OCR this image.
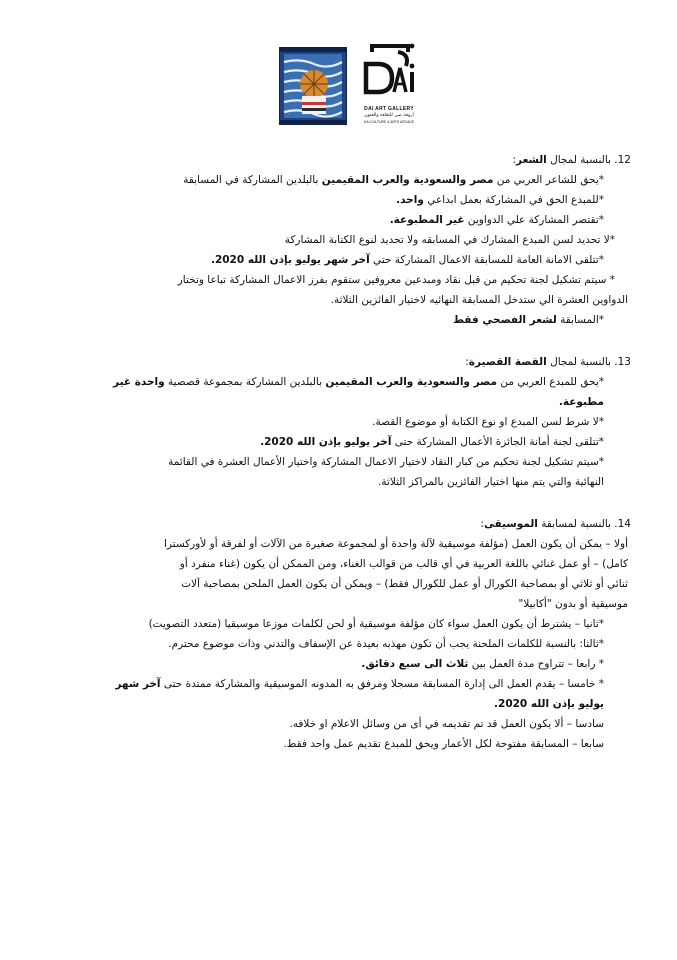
DAI ART GALLERY
أروقة ضي للثقافة والفنون
DAI CULTURE & ARTS ARCADE

12. بالنسبة لمجال الشعر:

*يحق للشاعر العربي من مصر والسعودية والعرب المقيمين بالبلدين المشاركة في المسابقة

*للمبدع الحق في المشاركة بعمل ابداعي واحد.

*تقتصر المشاركة علي الدواوين غير المطبوعة.

*لا تحديد لسن المبدع المشارك في المسابقه ولا تحديد لنوع الكتابة المشاركة

*تتلقى الامانة العامة للمسابقة الاعمال المشاركة حتي آخر شهر يوليو بإذن الله 2020.

* سيتم تشكيل لجنة تحكيم من قبل نقاد ومبدعين معروفين ستقوم بفرز الاعمال المشاركة تباعا وتختار

الدواوين العشرة الي ستدخل المسابقة النهائيه لاختيار الفائزين الثلاثة.

*المسابقة لشعر الفصحي فقط

13. بالنسبة لمجال القصة القصيرة:

*يحق للمبدع العربي من مصر والسعودية والعرب المقيمين بالبلدين المشاركة بمجموعة قصصية واحدة غير

مطبوعة.

*لا شرط لسن المبدع او نوع الكتابة أو موضوع القصة.

*تتلقى لجنة أمانة الجائزة الأعمال المشاركة حتى آخر يوليو بإذن الله 2020.

*سيتم تشكيل لجنة تحكيم من كبار النقاد لاختيار الاعمال المشاركة واختيار الأعمال العشرة في القائمة

النهائية والتي يتم منها اختيار الفائزين بالمراكز الثلاثة.

14. بالنسبة لمسابقة الموسيقى:

أولا – يمكن أن يكون العمل (مؤلفة موسيقية لآلة واحدة أو لمجموعة صغيرة من الآلات أو لفرقة أو لأوركسترا

كامل) – أو عمل غنائي باللغة العربية في أي قالب من قوالب الغناء، ومن الممكن أن يكون (غناء منفرد أو

ثنائي أو ثلاثي أو بمصاحبة الكورال أو عمل للكورال فقط) – ويمكن أن يكون العمل الملحن بمصاحبة آلات

موسيقية أو بدون "أكابيلا"

*ثانيا – يشترط أن يكون العمل سواء كان مؤلفة موسيقية أو لحن لكلمات موزعا موسيقيا (متعدد التصويت)

*ثالثا: بالنسبة للكلمات الملحنة يجب أن تكون مهذبه بعيدة عن الإسفاف والتدني وذات موضوع محترم.

* رابعا – تتراوح مدة العمل بين ثلاث الى سبع دقائق.

* خامسا – يقدم العمل الى إدارة المسابقة مسجلا ومرفق به المدونه الموسيقية والمشاركة ممتدة حتى آخر شهر

يوليو بإذن الله 2020.

سادسا – ألا يكون العمل قد تم تقديمه في أى من وسائل الاعلام او خلافه.

سابعا – المسابقة مفتوحة لكل الأعمار ويحق للمبدع تقديم عمل واحد فقط.
